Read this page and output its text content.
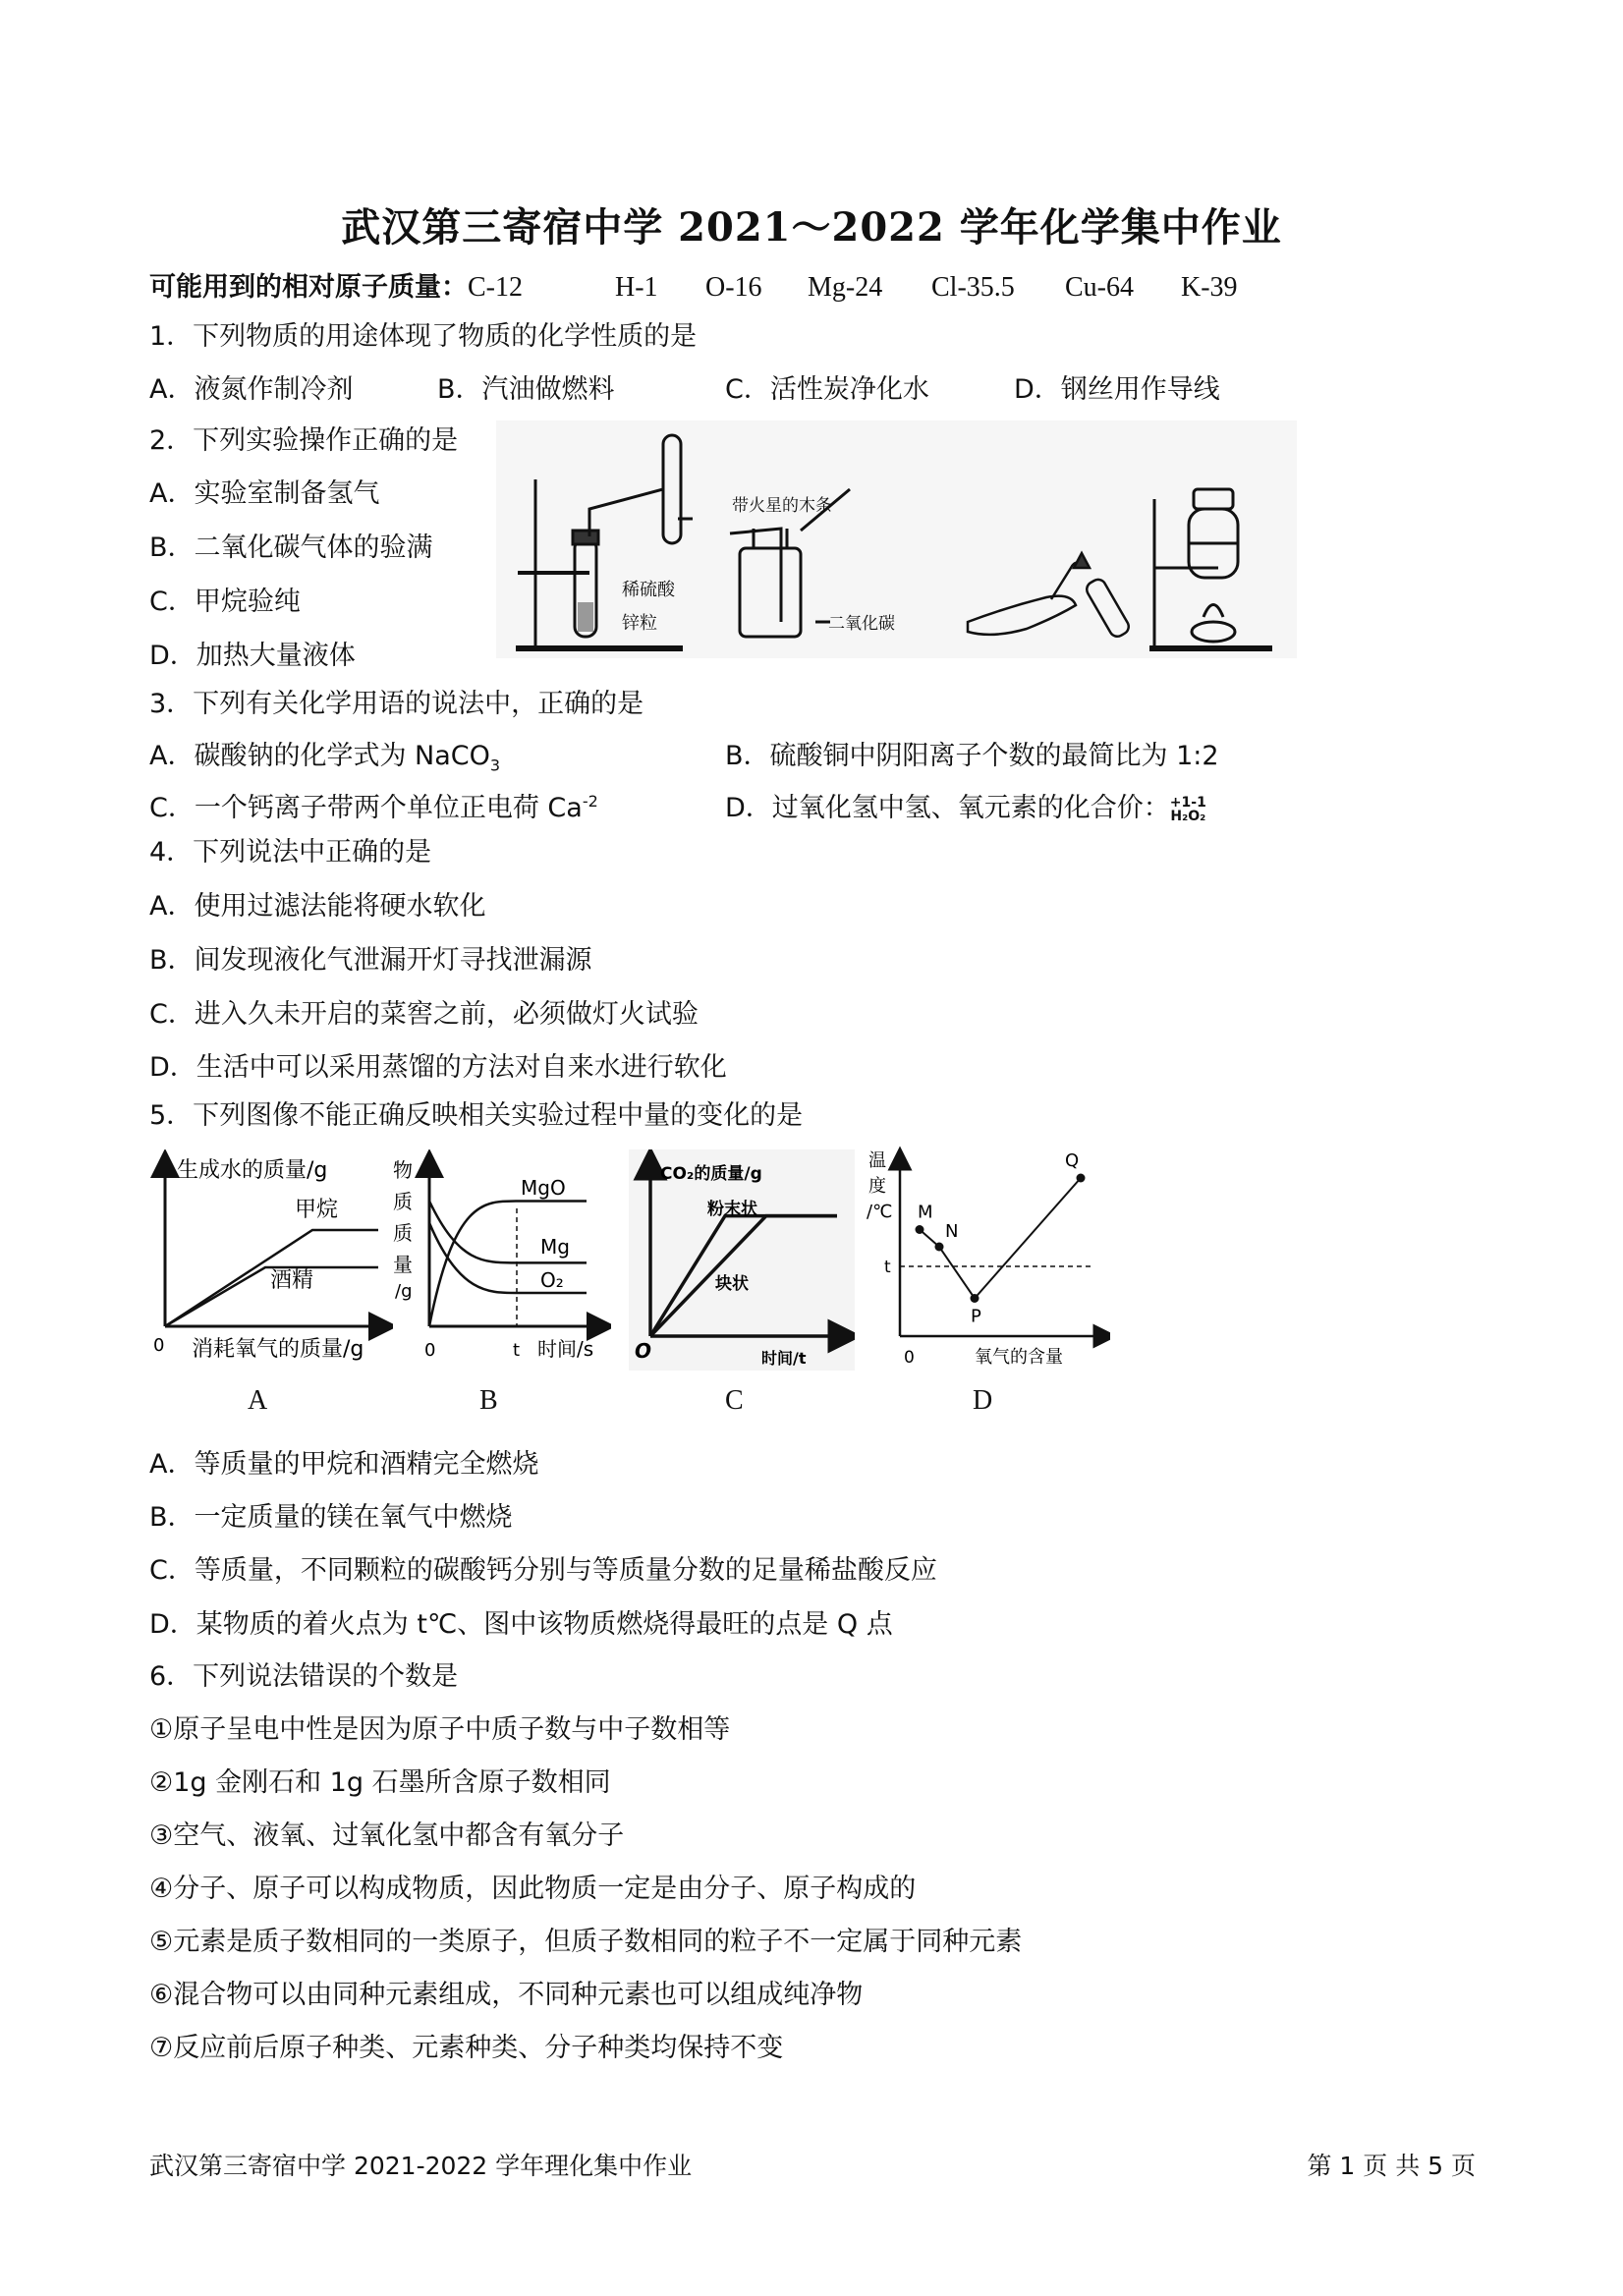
武汉第三寄宿中学 2021～2022 学年化学集中作业
可能用到的相对原子质量：C-12	H-1 O-16 Mg-24 Cl-35.5 Cu-64 K-39
1．下列物质的用途体现了物质的化学性质的是
A．液氮作制冷剂	B．汽油做燃料	C．活性炭净化水	D．钢丝用作导线
2．下列实验操作正确的是
A．实验室制备氢气
B．二氧化碳气体的验满
C．甲烷验纯
D．加热大量液体
稀硫酸
锌粒
带火星的木条
二氧化碳
3．下列有关化学用语的说法中，正确的是
A．碳酸钠的化学式为 NaCO$_3$	B．硫酸铜中阴阳离子个数的最简比为 1:2
C．一个钙离子带两个单位正电荷 $Ca^{-2}$	D．过氧化氢中氢、氧元素的化合价：+1-1
H₂O₂
4．下列说法中正确的是
A．使用过滤法能将硬水软化
B．间发现液化气泄漏开灯寻找泄漏源
C．进入久未开启的菜窖之前，必须做灯火试验
D．生活中可以采用蒸馏的方法对自来水进行软化
5．下列图像不能正确反映相关实验过程中量的变化的是
生成水的质量/g
消耗氧气的质量/g
0
甲烷
酒精
物
质
质
量
/g
0	t 时间/s
MgO
Mg
O₂
CO₂的质量/g
时间/t
O
粉末状
块状
温
度
/℃
0	氧气的含量
t
M
N
P
Q
A	B	C	D
A．等质量的甲烷和酒精完全燃烧
B．一定质量的镁在氧气中燃烧
C．等质量，不同颗粒的碳酸钙分别与等质量分数的足量稀盐酸反应
D．某物质的着火点为 t℃、图中该物质燃烧得最旺的点是 Q 点
6．下列说法错误的个数是
①原子呈电中性是因为原子中质子数与中子数相等
②1g 金刚石和 1g 石墨所含原子数相同
③空气、液氧、过氧化氢中都含有氧分子
④分子、原子可以构成物质，因此物质一定是由分子、原子构成的
⑤元素是质子数相同的一类原子，但质子数相同的粒子不一定属于同种元素
⑥混合物可以由同种元素组成，不同种元素也可以组成纯净物
⑦反应前后原子种类、元素种类、分子种类均保持不变
武汉第三寄宿中学 2021-2022 学年理化集中作业	第 1 页 共 5 页
